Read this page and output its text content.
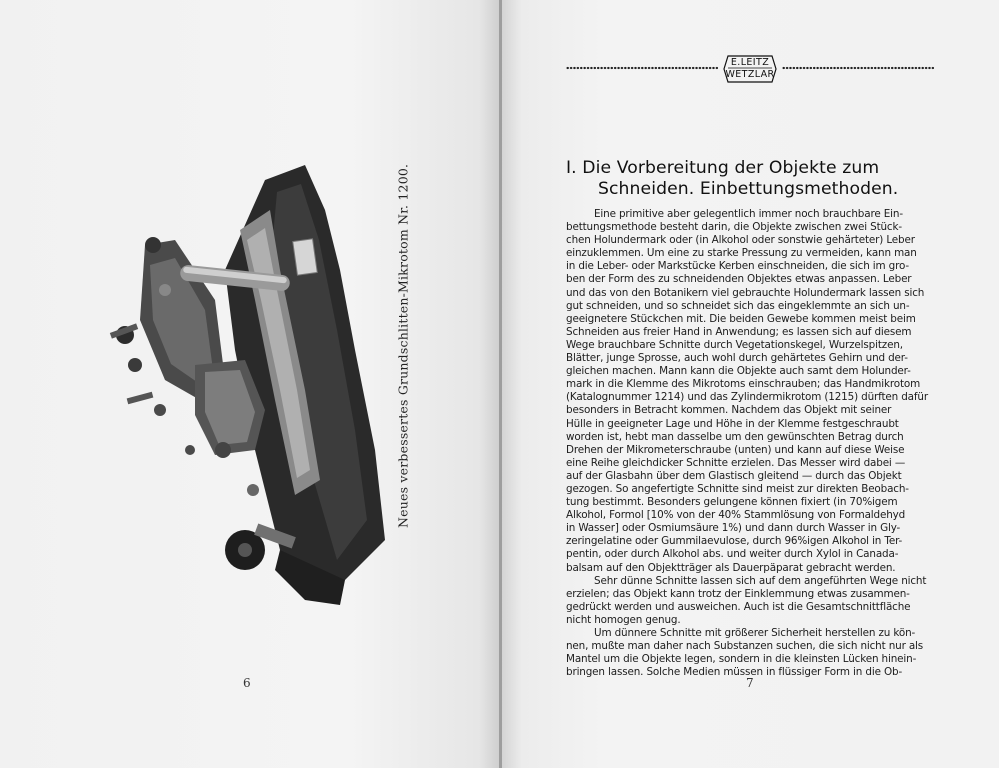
Neues verbessertes Grundschlitten-Mikrotom Nr. 1200.
6
E.LEITZ
WETZLAR
I. Die Vorbereitung der Objekte zum
Schneiden. Einbettungsmethoden.
Eine primitive aber gelegentlich immer noch brauchbare Ein-
bettungsmethode besteht darin, die Objekte zwischen zwei Stück-
chen Holundermark oder (in Alkohol oder sonstwie gehärteter) Leber
einzuklemmen. Um eine zu starke Pressung zu vermeiden, kann man
in die Leber- oder Markstücke Kerben einschneiden, die sich im gro-
ben der Form des zu schneidenden Objektes etwas anpassen. Leber
und das von den Botanikern viel gebrauchte Holundermark lassen sich
gut schneiden, und so schneidet sich das eingeklemmte an sich un-
geeignetere Stückchen mit. Die beiden Gewebe kommen meist beim
Schneiden aus freier Hand in Anwendung; es lassen sich auf diesem
Wege brauchbare Schnitte durch Vegetationskegel, Wurzelspitzen,
Blätter, junge Sprosse, auch wohl durch gehärtetes Gehirn und der-
gleichen machen. Mann kann die Objekte auch samt dem Holunder-
mark in die Klemme des Mikrotoms einschrauben; das Handmikrotom
(Katalognummer 1214) und das Zylindermikrotom (1215) dürften dafür
besonders in Betracht kommen. Nachdem das Objekt mit seiner
Hülle in geeigneter Lage und Höhe in der Klemme festgeschraubt
worden ist, hebt man dasselbe um den gewünschten Betrag durch
Drehen der Mikrometerschraube (unten) und kann auf diese Weise
eine Reihe gleichdicker Schnitte erzielen. Das Messer wird dabei —
auf der Glasbahn über dem Glastisch gleitend — durch das Objekt
gezogen. So angefertigte Schnitte sind meist zur direkten Beobach-
tung bestimmt. Besonders gelungene können fixiert (in 70%igem
Alkohol, Formol [10% von der 40% Stammlösung von Formaldehyd
in Wasser] oder Osmiumsäure 1%) und dann durch Wasser in Gly-
zeringelatine oder Gummilaevulose, durch 96%igen Alkohol in Ter-
pentin, oder durch Alkohol abs. und weiter durch Xylol in Canada-
balsam auf den Objektträger als Dauerpäparat gebracht werden.
Sehr dünne Schnitte lassen sich auf dem angeführten Wege nicht
erzielen; das Objekt kann trotz der Einklemmung etwas zusammen-
gedrückt werden und ausweichen. Auch ist die Gesamtschnittfläche
nicht homogen genug.
Um dünnere Schnitte mit größerer Sicherheit herstellen zu kön-
nen, mußte man daher nach Substanzen suchen, die sich nicht nur als
Mantel um die Objekte legen, sondern in die kleinsten Lücken hinein-
bringen lassen. Solche Medien müssen in flüssiger Form in die Ob-
7
